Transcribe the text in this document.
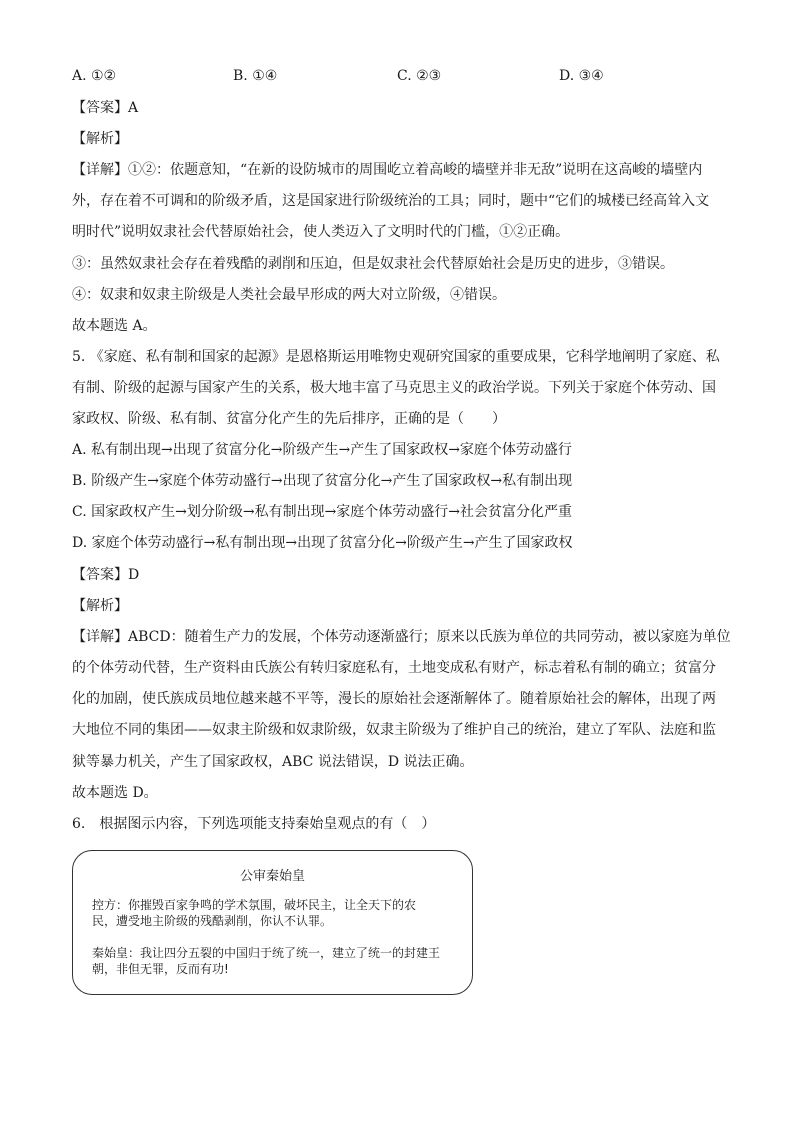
A. ①②	B. ①④	C. ②③	D. ③④
【答案】A
【解析】
【详解】①②：依题意知，“在新的设防城市的周围屹立着高峻的墙壁并非无敌”说明在这高峻的墙壁内
外，存在着不可调和的阶级矛盾，这是国家进行阶级统治的工具；同时，题中“它们的城楼已经高耸入文
明时代”说明奴隶社会代替原始社会，使人类迈入了文明时代的门槛，①②正确。
③：虽然奴隶社会存在着残酷的剥削和压迫，但是奴隶社会代替原始社会是历史的进步，③错误。
④：奴隶和奴隶主阶级是人类社会最早形成的两大对立阶级，④错误。
故本题选 A。
5. 《家庭、私有制和国家的起源》是恩格斯运用唯物史观研究国家的重要成果，它科学地阐明了家庭、私
有制、阶级的起源与国家产生的关系，极大地丰富了马克思主义的政治学说。下列关于家庭个体劳动、国
家政权、阶级、私有制、贫富分化产生的先后排序，正确的是（　　）
A. 私有制出现→出现了贫富分化→阶级产生→产生了国家政权→家庭个体劳动盛行
B. 阶级产生→家庭个体劳动盛行→出现了贫富分化→产生了国家政权→私有制出现
C. 国家政权产生→划分阶级→私有制出现→家庭个体劳动盛行→社会贫富分化严重
D. 家庭个体劳动盛行→私有制出现→出现了贫富分化→阶级产生→产生了国家政权
【答案】D
【解析】
【详解】ABCD：随着生产力的发展，个体劳动逐渐盛行；原来以氏族为单位的共同劳动，被以家庭为单位
的个体劳动代替，生产资料由氏族公有转归家庭私有，土地变成私有财产，标志着私有制的确立；贫富分
化的加剧，使氏族成员地位越来越不平等，漫长的原始社会逐渐解体了。随着原始社会的解体，出现了两
大地位不同的集团——奴隶主阶级和奴隶阶级，奴隶主阶级为了维护自己的统治，建立了军队、法庭和监
狱等暴力机关，产生了国家政权，ABC 说法错误，D 说法正确。
故本题选 D。
6.　根据图示内容，下列选项能支持秦始皇观点的有（　）
公审秦始皇
控方：你摧毁百家争鸣的学术氛围，破坏民主，让全天下的农
民，遭受地主阶级的残酷剥削，你认不认罪。
秦始皇：我让四分五裂的中国归于统了统一，建立了统一的封建王
朝，非但无罪，反而有功!
